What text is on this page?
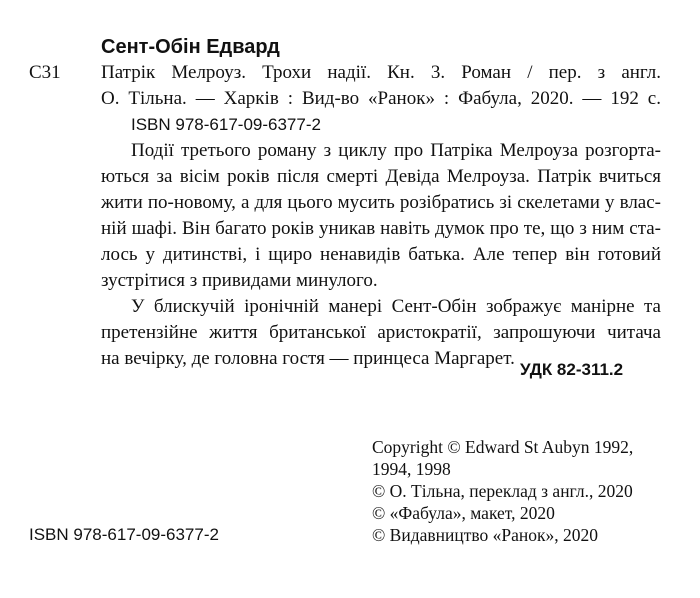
Сент-Обін Едвард
С31 Патрік Мелроуз. Трохи надії. Кн. 3. Роман / пер. з англ.
О. Тільна. — Харків : Вид-во «Ранок» : Фабула, 2020. — 192 с.
ISBN 978-617-09-6377-2
Події третього роману з циклу про Патріка Мелроуза розгорта-
ються за вісім років після смерті Девіда Мелроуза. Патрік вчиться
жити по-новому, а для цього мусить розібратись зі скелетами у влас-
ній шафі. Він багато років уникав навіть думок про те, що з ним ста-
лось у дитинстві, і щиро ненавидів батька. Але тепер він готовий
зустрітися з привидами минулого.
У блискучій іронічній манері Сент-Обін зображує манірне та
претензійне життя британської аристократії, запрошуючи читача
на вечірку, де головна гостя — принцеса Маргарет.
УДК 82-311.2
Copyright © Edward St Aubyn 1992,
1994, 1998
© О. Тільна, переклад з англ., 2020
© «Фабула», макет, 2020
© Видавництво «Ранок», 2020
ISBN 978-617-09-6377-2
